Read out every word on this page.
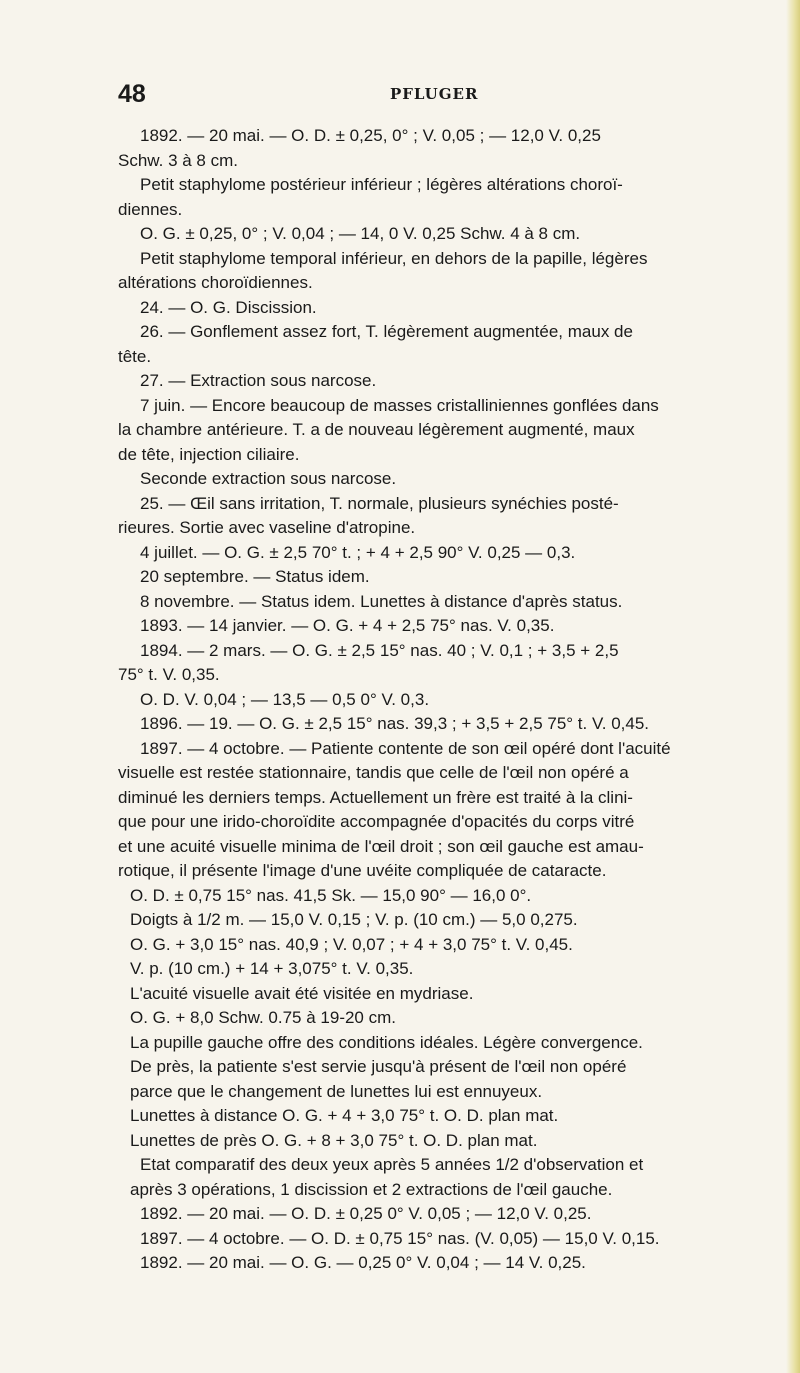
48	PFLUGER

1892. — 20 mai. — O. D. ± 0,25, 0° ; V. 0,05 ; — 12,0 V. 0,25

Schw. 3 à 8 cm.

Petit staphylome postérieur inférieur ; légères altérations choroï-

diennes.

O. G. ± 0,25, 0° ; V. 0,04 ; — 14, 0 V. 0,25 Schw. 4 à 8 cm.

Petit staphylome temporal inférieur, en dehors de la papille, légères

altérations choroïdiennes.

24. — O. G. Discission.

26. — Gonflement assez fort, T. légèrement augmentée, maux de

tête.

27. — Extraction sous narcose.

7 juin. — Encore beaucoup de masses cristalliniennes gonflées dans

la chambre antérieure. T. a de nouveau légèrement augmenté, maux

de tête, injection ciliaire.

Seconde extraction sous narcose.

25. — Œil sans irritation, T. normale, plusieurs synéchies posté-

rieures. Sortie avec vaseline d'atropine.

4 juillet. — O. G. ± 2,5 70° t. ; + 4 + 2,5 90° V. 0,25 — 0,3.

20 septembre. — Status idem.

8 novembre. — Status idem. Lunettes à distance d'après status.

1893. — 14 janvier. — O. G. + 4 + 2,5 75° nas. V. 0,35.

1894. — 2 mars. — O. G. ± 2,5 15° nas. 40 ; V. 0,1 ; + 3,5 + 2,5

75° t. V. 0,35.

O. D. V. 0,04 ; — 13,5 — 0,5 0° V. 0,3.

1896. — 19. — O. G. ± 2,5 15° nas. 39,3 ; + 3,5 + 2,5 75° t. V. 0,45.

1897. — 4 octobre. — Patiente contente de son œil opéré dont l'acuité

visuelle est restée stationnaire, tandis que celle de l'œil non opéré a

diminué les derniers temps. Actuellement un frère est traité à la clini-

que pour une irido-choroïdite accompagnée d'opacités du corps vitré

et une acuité visuelle minima de l'œil droit ; son œil gauche est amau-

rotique, il présente l'image d'une uvéite compliquée de cataracte.

O. D. ± 0,75 15° nas. 41,5 Sk. — 15,0 90° — 16,0 0°.

Doigts à 1/2 m. — 15,0 V. 0,15 ; V. p. (10 cm.) — 5,0 0,275.

O. G. + 3,0 15° nas. 40,9 ; V. 0,07 ; + 4 + 3,0 75° t. V. 0,45.

V. p. (10 cm.) + 14 + 3,075° t. V. 0,35.

L'acuité visuelle avait été visitée en mydriase.

O. G. + 8,0 Schw. 0.75 à 19-20 cm.

La pupille gauche offre des conditions idéales. Légère convergence.

De près, la patiente s'est servie jusqu'à présent de l'œil non opéré

parce que le changement de lunettes lui est ennuyeux.

Lunettes à distance O. G. + 4 + 3,0 75° t. O. D. plan mat.

Lunettes de près O. G. + 8 + 3,0 75° t. O. D. plan mat.

Etat comparatif des deux yeux après 5 années 1/2 d'observation et

après 3 opérations, 1 discission et 2 extractions de l'œil gauche.

1892. — 20 mai. — O. D. ± 0,25 0° V. 0,05 ; — 12,0 V. 0,25.

1897. — 4 octobre. — O. D. ± 0,75 15° nas. (V. 0,05) — 15,0 V. 0,15.

1892. — 20 mai. — O. G. — 0,25 0° V. 0,04 ; — 14 V. 0,25.
